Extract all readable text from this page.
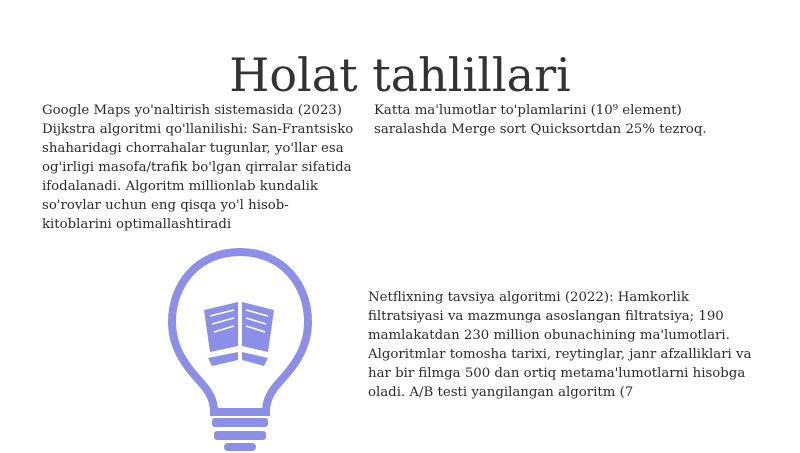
Holat tahlillari

Google Maps yo'naltirish sistemasida (2023) Dijkstra algoritmi qo'llanilishi: San-Frantsisko shaharidagi chorrahalar tugunlar, yo'llar esa og'irligi masofa/trafik bo'lgan qirralar sifatida ifodalanadi. Algoritm millionlab kundalik so'rovlar uchun eng qisqa yo'l hisob-kitoblarini optimallashtiradi

Katta ma'lumotlar to'plamlarini (10⁹ element) saralashda Merge sort Quicksortdan 25% tezroq.

Netflixning tavsiya algoritmi (2022): Hamkorlik filtratsiyasi va mazmunga asoslangan filtratsiya; 190 mamlakatdan 230 million obunachining ma'lumotlari. Algoritmlar tomosha tarixi, reytinglar, janr afzalliklari va har bir filmga 500 dan ortiq metama'lumotlarni hisobga oladi. A/B testi yangilangan algoritm (7
